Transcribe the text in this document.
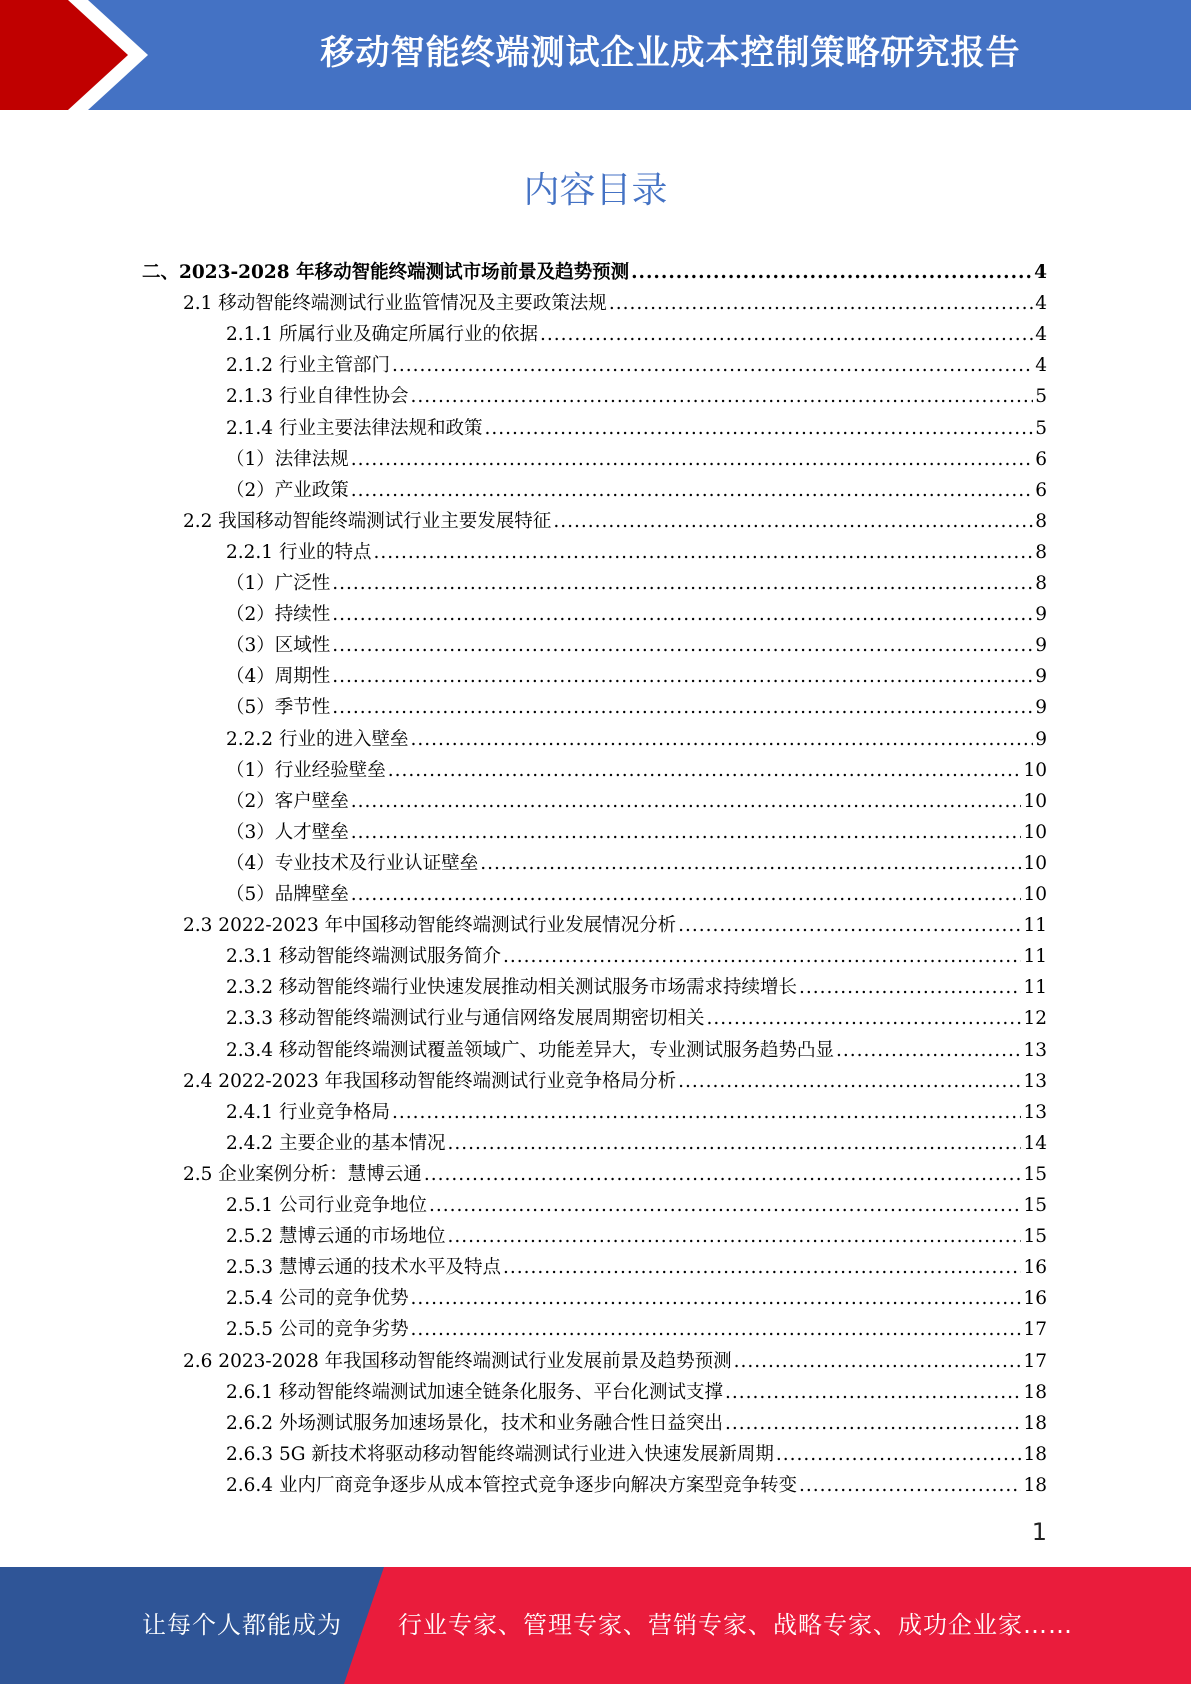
移动智能终端测试企业成本控制策略研究报告
内容目录
二、2023-2028 年移动智能终端测试市场前景及趋势预测 .....	4
2.1 移动智能终端测试行业监管情况及主要政策法规 .....	4
2.1.1 所属行业及确定所属行业的依据 .....	4
2.1.2 行业主管部门 .....	4
2.1.3 行业自律性协会 .....	5
2.1.4 行业主要法律法规和政策 .....	5
（1）法律法规 .....	6
（2）产业政策 .....	6
2.2 我国移动智能终端测试行业主要发展特征 .....	8
2.2.1 行业的特点 .....	8
（1）广泛性 .....	8
（2）持续性 .....	9
（3）区域性 .....	9
（4）周期性 .....	9
（5）季节性 .....	9
2.2.2 行业的进入壁垒 .....	9
（1）行业经验壁垒 .....	10
（2）客户壁垒 .....	10
（3）人才壁垒 .....	10
（4）专业技术及行业认证壁垒 .....	10
（5）品牌壁垒 .....	10
2.3 2022-2023 年中国移动智能终端测试行业发展情况分析 .....	11
2.3.1 移动智能终端测试服务简介 .....	11
2.3.2 移动智能终端行业快速发展推动相关测试服务市场需求持续增长 .....	11
2.3.3 移动智能终端测试行业与通信网络发展周期密切相关 .....	12
2.3.4 移动智能终端测试覆盖领域广、功能差异大，专业测试服务趋势凸显 .....	13
2.4 2022-2023 年我国移动智能终端测试行业竞争格局分析 .....	13
2.4.1 行业竞争格局 .....	13
2.4.2 主要企业的基本情况 .....	14
2.5 企业案例分析：慧博云通 .....	15
2.5.1 公司行业竞争地位 .....	15
2.5.2 慧博云通的市场地位 .....	15
2.5.3 慧博云通的技术水平及特点 .....	16
2.5.4 公司的竞争优势 .....	16
2.5.5 公司的竞争劣势 .....	17
2.6 2023-2028 年我国移动智能终端测试行业发展前景及趋势预测 .....	17
2.6.1 移动智能终端测试加速全链条化服务、平台化测试支撑 .....	18
2.6.2 外场测试服务加速场景化，技术和业务融合性日益突出 .....	18
2.6.3 5G 新技术将驱动移动智能终端测试行业进入快速发展新周期 .....	18
2.6.4 业内厂商竞争逐步从成本管控式竞争逐步向解决方案型竞争转变 .....	18
1
让每个人都能成为 行业专家、管理专家、营销专家、战略专家、成功企业家……
